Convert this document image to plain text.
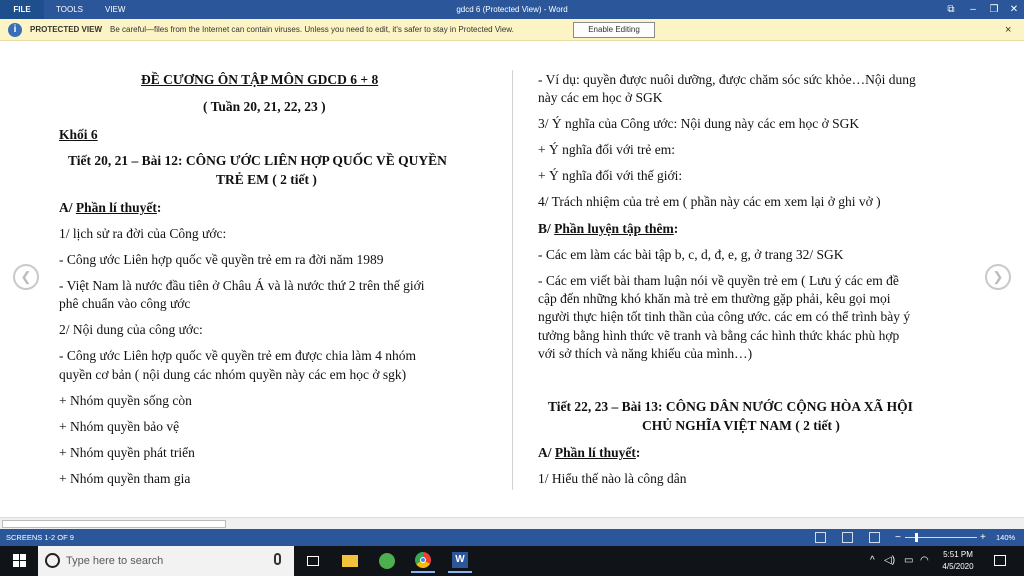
gdcd 6 (Protected View) - Word
FILE	TOOLS	VIEW	⧉	–	❐	✕
i	PROTECTED VIEW Be careful—files from the Internet can contain viruses. Unless you need to edit, it's safer to stay in Protected View.	Enable Editing	×
❮	❯
ĐỀ CƯƠNG ÔN TẬP MÔN GDCD 6 + 8
( Tuần 20, 21, 22, 23 )
Khối 6
Tiết 20, 21 – Bài 12: CÔNG ƯỚC LIÊN HỢP QUỐC VỀ QUYỀN
TRẺ EM ( 2 tiết )
A/ Phần lí thuyết:
1/ lịch sử ra đời của Công ước:
- Công ước Liên hợp quốc về quyền trẻ em ra đời năm 1989
- Việt Nam là nước đầu tiên ở Châu Á và là nước thứ 2 trên thế giới
phê chuẩn vào công ước
2/ Nội dung của công ước:
- Công ước Liên hợp quốc về quyền trẻ em được chia làm 4 nhóm
quyền cơ bản ( nội dung các nhóm quyền này các em học ở sgk)
+ Nhóm quyền sống còn
+ Nhóm quyền bảo vệ
+ Nhóm quyền phát triển
+ Nhóm quyền tham gia
- Ví dụ: quyền được nuôi dưỡng, được chăm sóc sức khỏe…Nội dung
này các em học ở SGK
3/ Ý nghĩa của Công ước: Nội dung này các em học ở SGK
+ Ý nghĩa đối với trẻ em:
+ Ý nghĩa đối với thế giới:
4/ Trách nhiệm của trẻ em ( phần này các em xem lại ở ghi vở )
B/ Phần luyện tập thêm:
- Các em làm các bài tập b, c, d, đ, e, g, ở trang 32/ SGK
- Các em viết bài tham luận nói về quyền trẻ em ( Lưu ý các em đề
cập đến những khó khăn mà trẻ em thường gặp phải, kêu gọi mọi
người thực hiện tốt tinh thần của công ước. các em có thể trình bày ý
tưởng bằng hình thức vẽ tranh và bằng các hình thức khác phù hợp
với sở thích và năng khiếu của mình…)
Tiết 22, 23 – Bài 13: CÔNG DÂN NƯỚC CỘNG HÒA XÃ HỘI
CHỦ NGHĨA VIỆT NAM ( 2 tiết )
A/ Phần lí thuyết:
1/ Hiểu thế nào là công dân
SCREENS 1-2 OF 9	−	+ 140%
Type here to search	W	^ ◁) ▭ ◠
5:51 PM
4/5/2020
